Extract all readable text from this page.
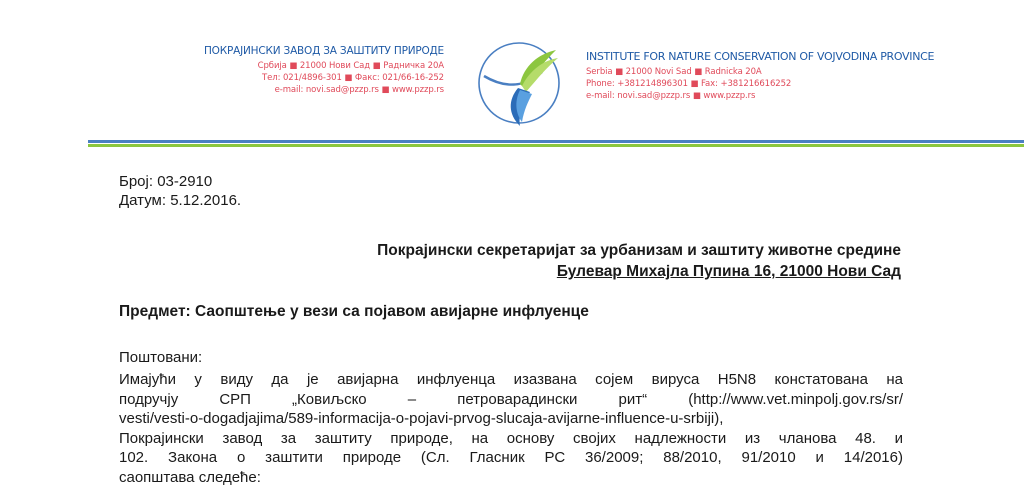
ПОКРАЈИНСКИ ЗАВОД ЗА ЗАШТИТУ ПРИРОДЕ
Србија ■ 21000 Нови Сад ■ Радничка 20А
Тел: 021/4896-301 ■ Факс: 021/66-16-252
e-mail: novi.sad@pzzp.rs ■ www.pzzp.rs
INSTITUTE FOR NATURE CONSERVATION OF VOJVODINA PROVINCE
Serbia ■ 21000 Novi Sad ■ Radnicka 20A
Phone: +381214896301 ■ Fax: +381216616252
e-mail: novi.sad@pzzp.rs ■ www.pzzp.rs
Број: 03-2910
Датум: 5.12.2016.
Покрајински секретаријат за урбанизам и заштиту животне средине
Булевар Михајла Пупина 16, 21000 Нови Сад
Предмет: Саопштење у вези са појавом авијарне инфлуенце
Поштовани:

Имајући у виду да је авијарна инфлуенца изазвана сојем вируса H5N8 констатована на

подручју СРП „Ковиљско – петроварадински рит“ (http://www.vet.minpolj.gov.rs/sr/

vesti/vesti-o-dogadjajima/589-informacija-o-pojavi-prvog-slucaja-avijarne-influence-u-srbiji),

Покрајински завод за заштиту природе, на основу својих надлежности из чланова 48. и

102. Закона о заштити природе (Сл. Гласник РС 36/2009; 88/2010, 91/2010 и 14/2016)

саопштава следеће:
